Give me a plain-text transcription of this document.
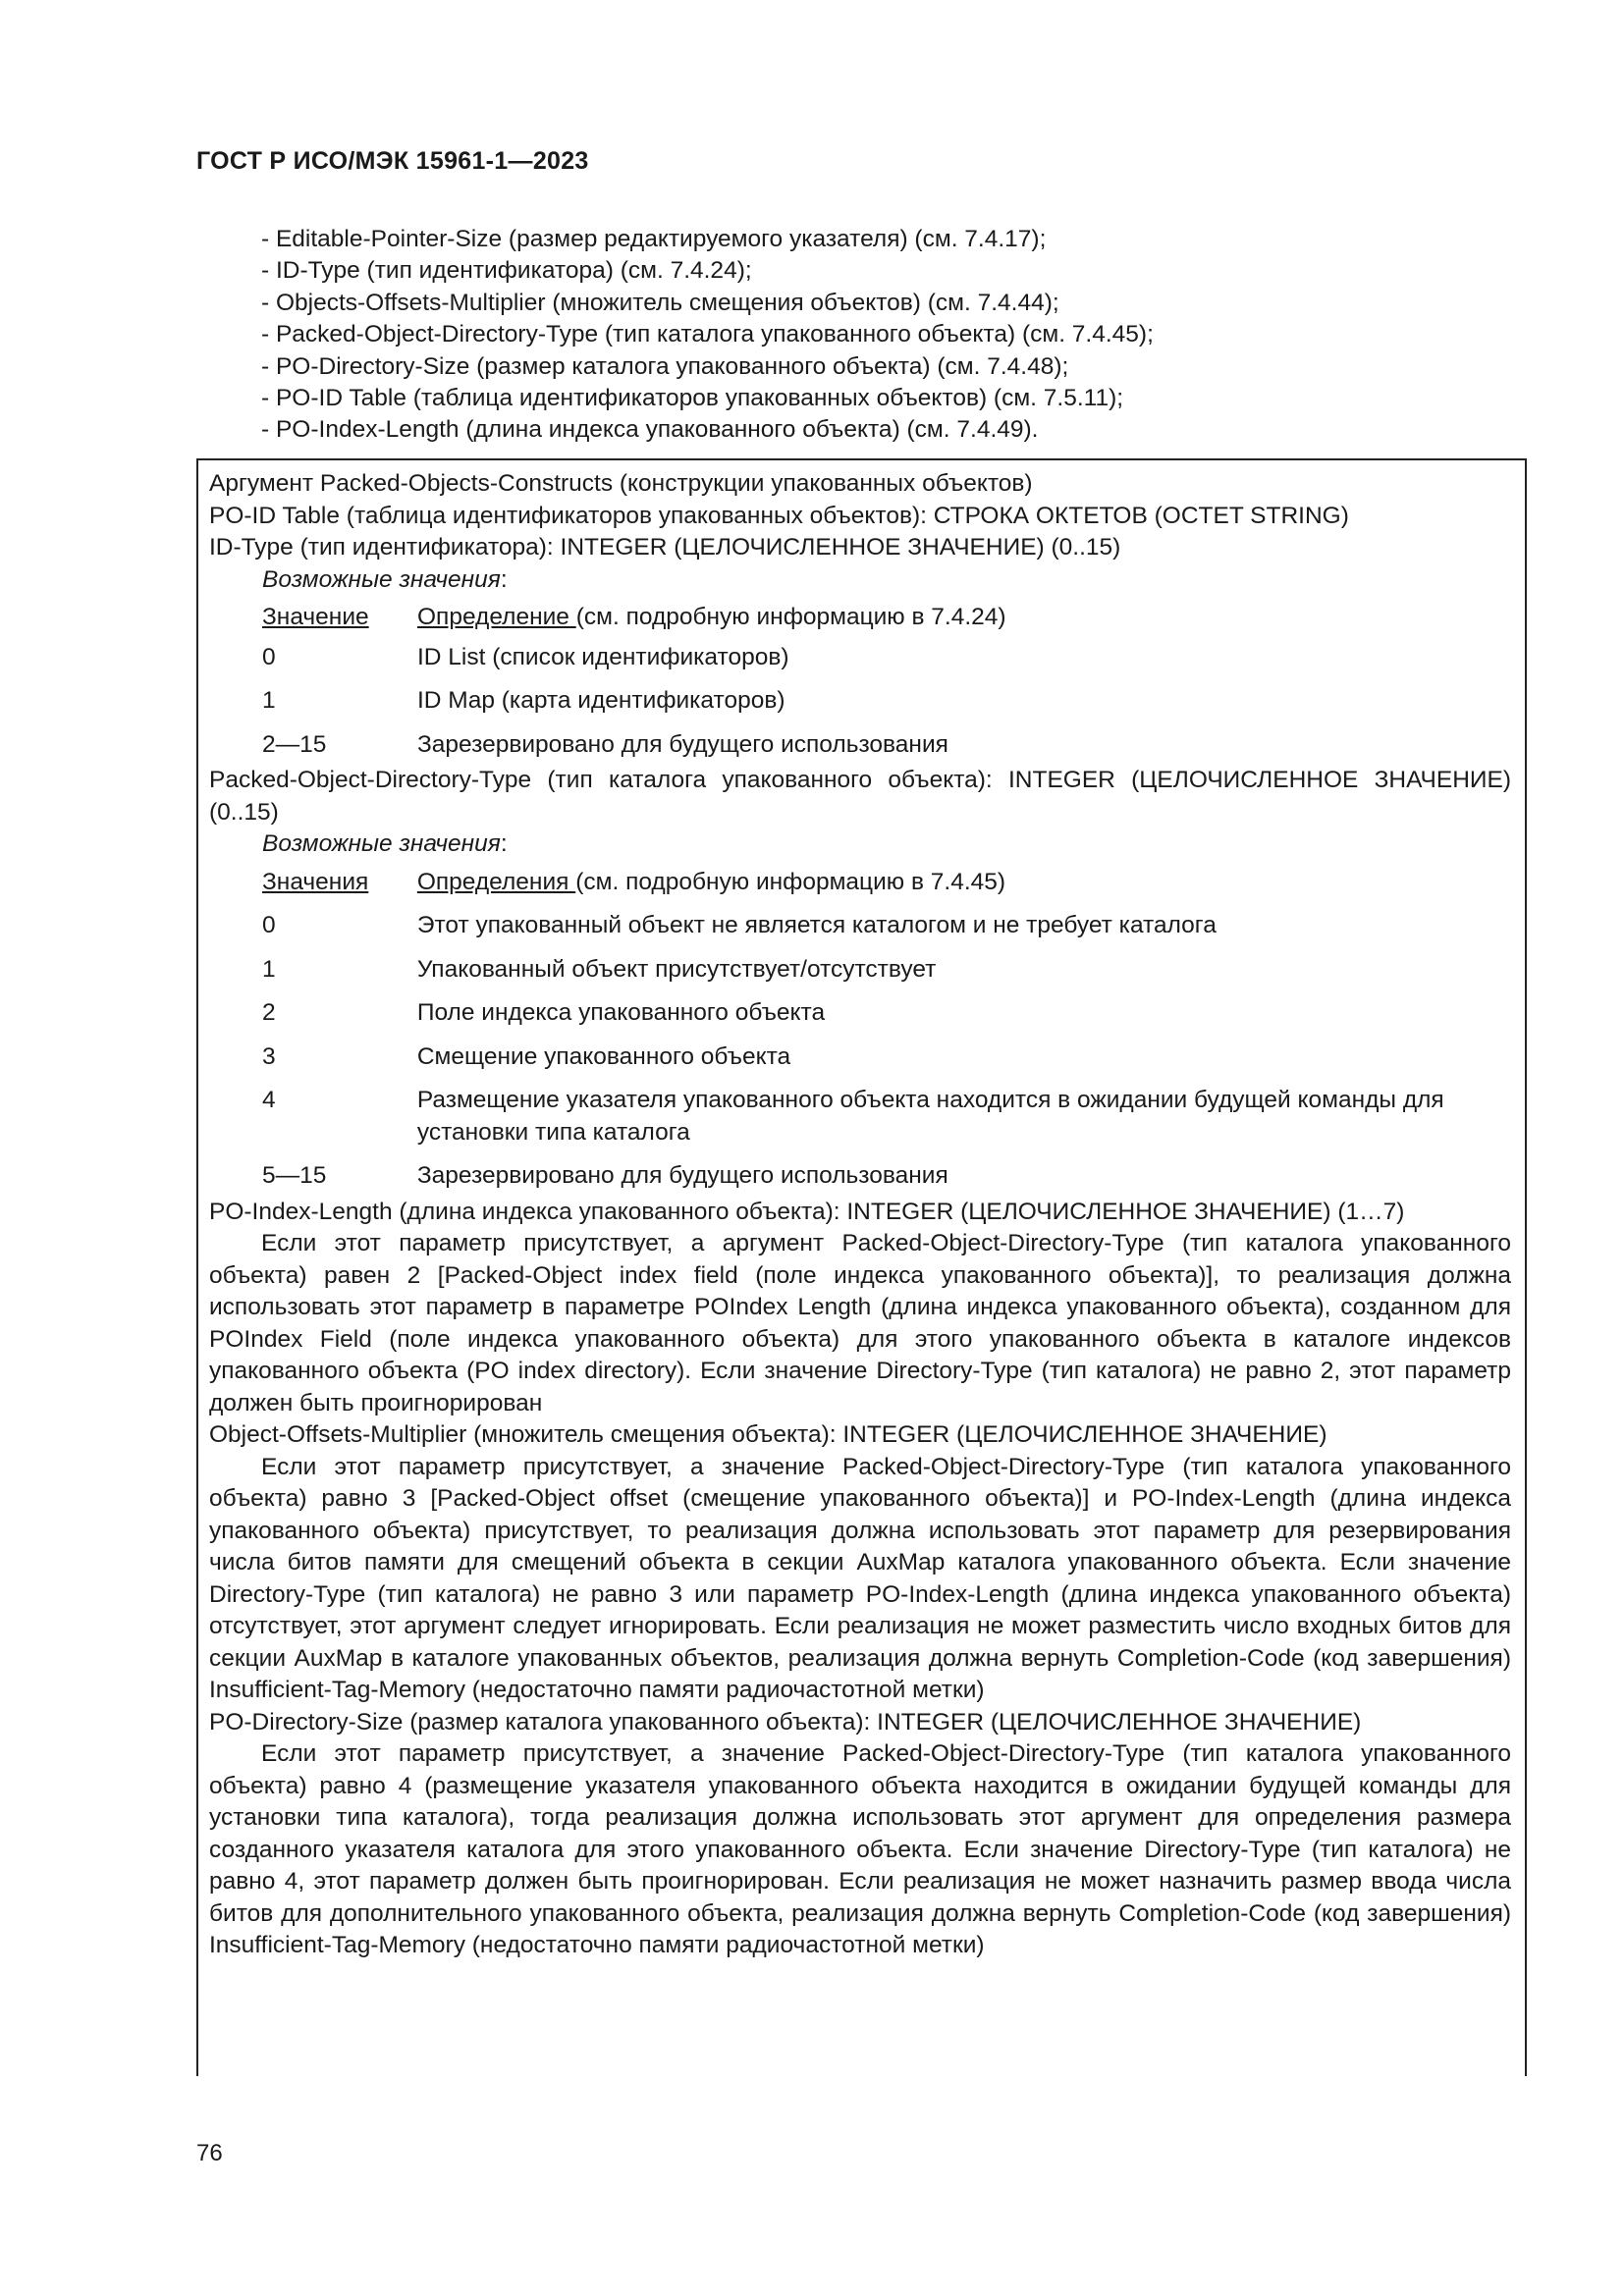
ГОСТ Р ИСО/МЭК 15961-1—2023
- Editable-Pointer-Size (размер редактируемого указателя) (см. 7.4.17);
- ID-Type (тип идентификатора) (см. 7.4.24);
- Objects-Offsets-Multiplier (множитель смещения объектов) (см. 7.4.44);
- Packed-Object-Directory-Type (тип каталога упакованного объекта) (см. 7.4.45);
- PO-Directory-Size (размер каталога упакованного объекта) (см. 7.4.48);
- PO-ID Table (таблица идентификаторов упакованных объектов) (см. 7.5.11);
- PO-Index-Length (длина индекса упакованного объекта) (см. 7.4.49).

Аргумент Packed-Objects-Constructs (конструкции упакованных объектов)

PO-ID Table (таблица идентификаторов упакованных объектов): СТРОКА ОКТЕТОВ (OCTET STRING)

ID-Type (тип идентификатора): INTEGER (ЦЕЛОЧИСЛЕННОЕ ЗНАЧЕНИЕ) (0..15)

Возможные значения:

Значение	Определение (см. подробную информацию в 7.4.24)
0	ID List (список идентификаторов)
1	ID Map (карта идентификаторов)
2—15	Зарезервировано для будущего использования

Packed-Object-Directory-Type (тип каталога упакованного объекта): INTEGER (ЦЕЛОЧИСЛЕННОЕ ЗНАЧЕНИЕ) (0..15)

Возможные значения:

Значения	Определения (см. подробную информацию в 7.4.45)
0	Этот упакованный объект не является каталогом и не требует каталога
1	Упакованный объект присутствует/отсутствует
2	Поле индекса упакованного объекта
3	Смещение упакованного объекта
4	Размещение указателя упакованного объекта находится в ожидании будущей команды для установки типа каталога
5—15	Зарезервировано для будущего использования

PO-Index-Length (длина индекса упакованного объекта): INTEGER (ЦЕЛОЧИСЛЕННОЕ ЗНАЧЕНИЕ) (1…7)

Если этот параметр присутствует, а аргумент Packed-Object-Directory-Type (тип каталога упакованного объекта) равен 2 [Packed-Object index field (поле индекса упакованного объекта)], то реализация должна использовать этот параметр в параметре POIndex Length (длина индекса упакованного объекта), созданном для POIndex Field (поле индекса упакованного объекта) для этого упакованного объекта в каталоге индексов упакованного объекта (PO index directory). Если значение Directory-Type (тип каталога) не равно 2, этот параметр должен быть проигнорирован

Object-Offsets-Multiplier (множитель смещения объекта): INTEGER (ЦЕЛОЧИСЛЕННОЕ ЗНАЧЕНИЕ)

Если этот параметр присутствует, а значение Packed-Object-Directory-Type (тип каталога упакованного объекта) равно 3 [Packed-Object offset (смещение упакованного объекта)] и PO-Index-Length (длина индекса упакованного объекта) присутствует, то реализация должна использовать этот параметр для резервирования числа битов памяти для смещений объекта в секции AuxMap каталога упакованного объекта. Если значение Directory-Type (тип каталога) не равно 3 или параметр PO-Index-Length (длина индекса упакованного объекта) отсутствует, этот аргумент следует игнорировать. Если реализация не может разместить число входных битов для секции AuxMap в каталоге упакованных объектов, реализация должна вернуть Completion-Code (код завершения) Insufficient-Tag-Memory (недостаточно памяти радиочастотной метки)

PO-Directory-Size (размер каталога упакованного объекта): INTEGER (ЦЕЛОЧИСЛЕННОЕ ЗНАЧЕНИЕ)

Если этот параметр присутствует, а значение Packed-Object-Directory-Type (тип каталога упакованного объекта) равно 4 (размещение указателя упакованного объекта находится в ожидании будущей команды для установки типа каталога), тогда реализация должна использовать этот аргумент для определения размера созданного указателя каталога для этого упакованного объекта. Если значение Directory-Type (тип каталога) не равно 4, этот параметр должен быть проигнорирован. Если реализация не может назначить размер ввода числа битов для дополнительного упакованного объекта, реализация должна вернуть Completion-Code (код завершения) Insufficient-Tag-Memory (недостаточно памяти радиочастотной метки)

76
